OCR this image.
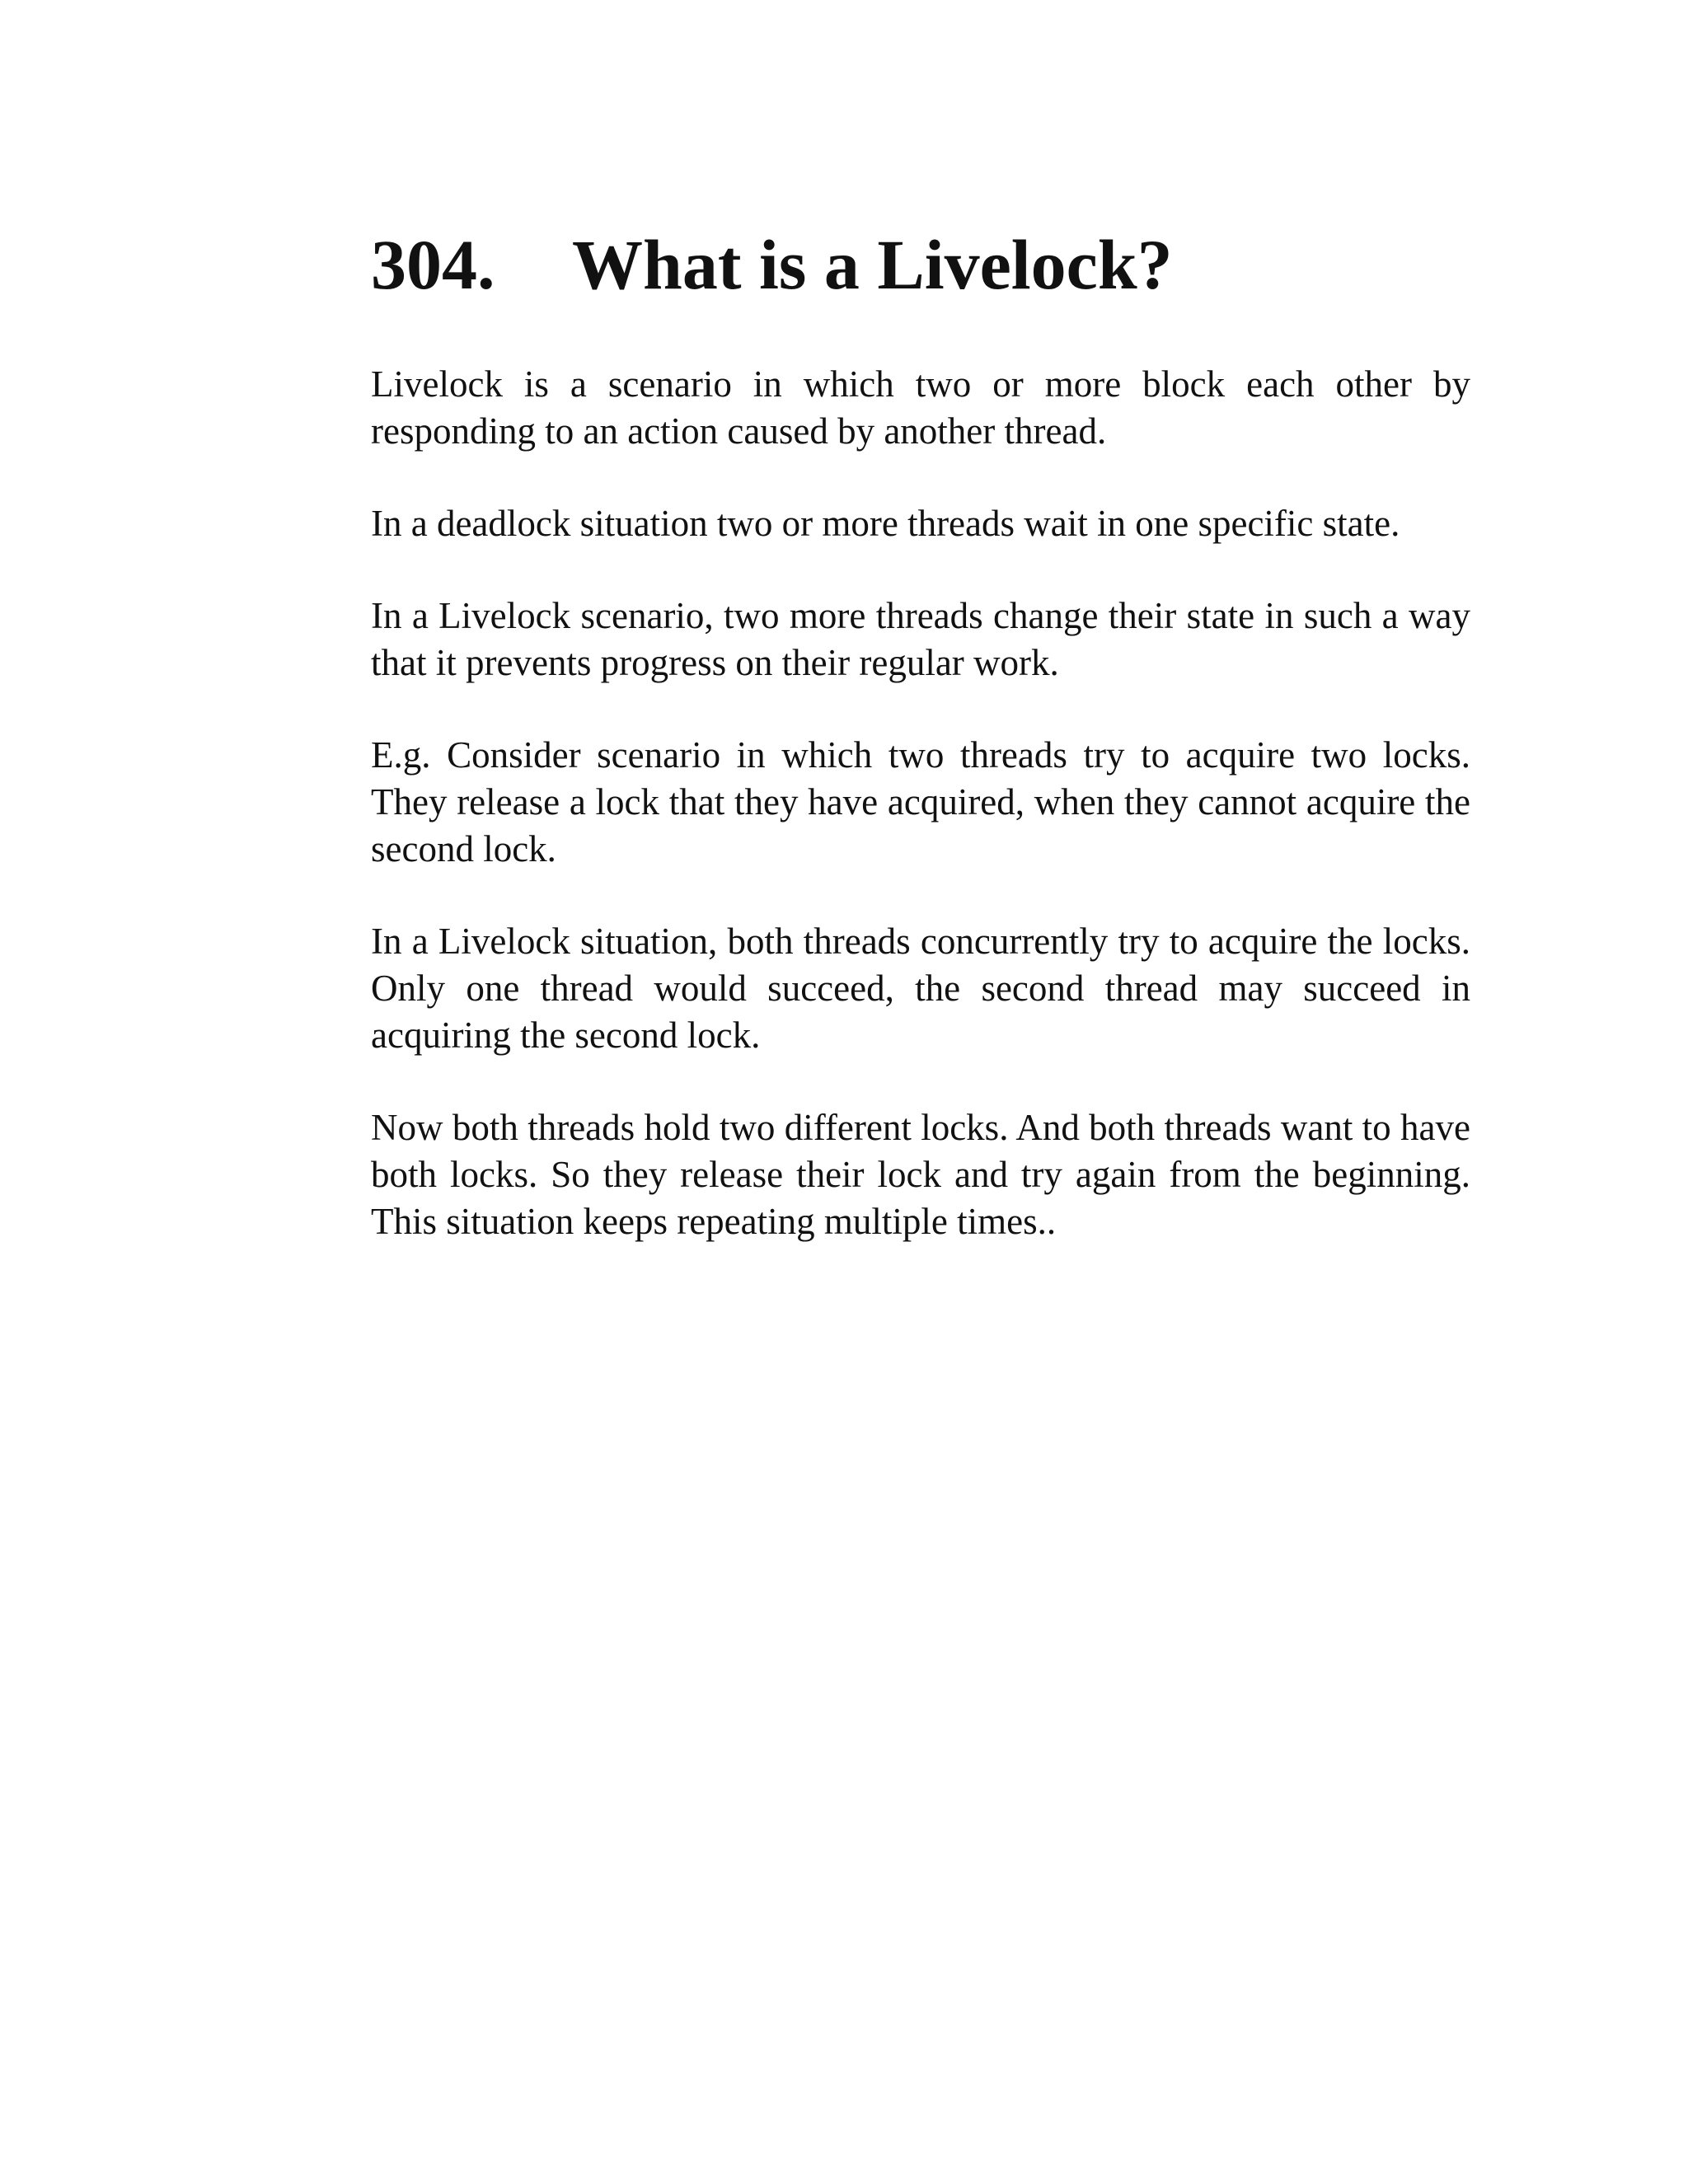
304. What is a Livelock?

Livelock is a scenario in which two or more block each other by responding to an action caused by another thread.

In a deadlock situation two or more threads wait in one specific state.

In a Livelock scenario, two more threads change their state in such a way that it prevents progress on their regular work.

E.g. Consider scenario in which two threads try to acquire two locks. They release a lock that they have acquired, when they cannot acquire the second lock.

In a Livelock situation, both threads concurrently try to acquire the locks. Only one thread would succeed, the second thread may succeed in acquiring the second lock.

Now both threads hold two different locks. And both threads want to have both locks. So they release their lock and try again from the beginning. This situation keeps repeating multiple times..
